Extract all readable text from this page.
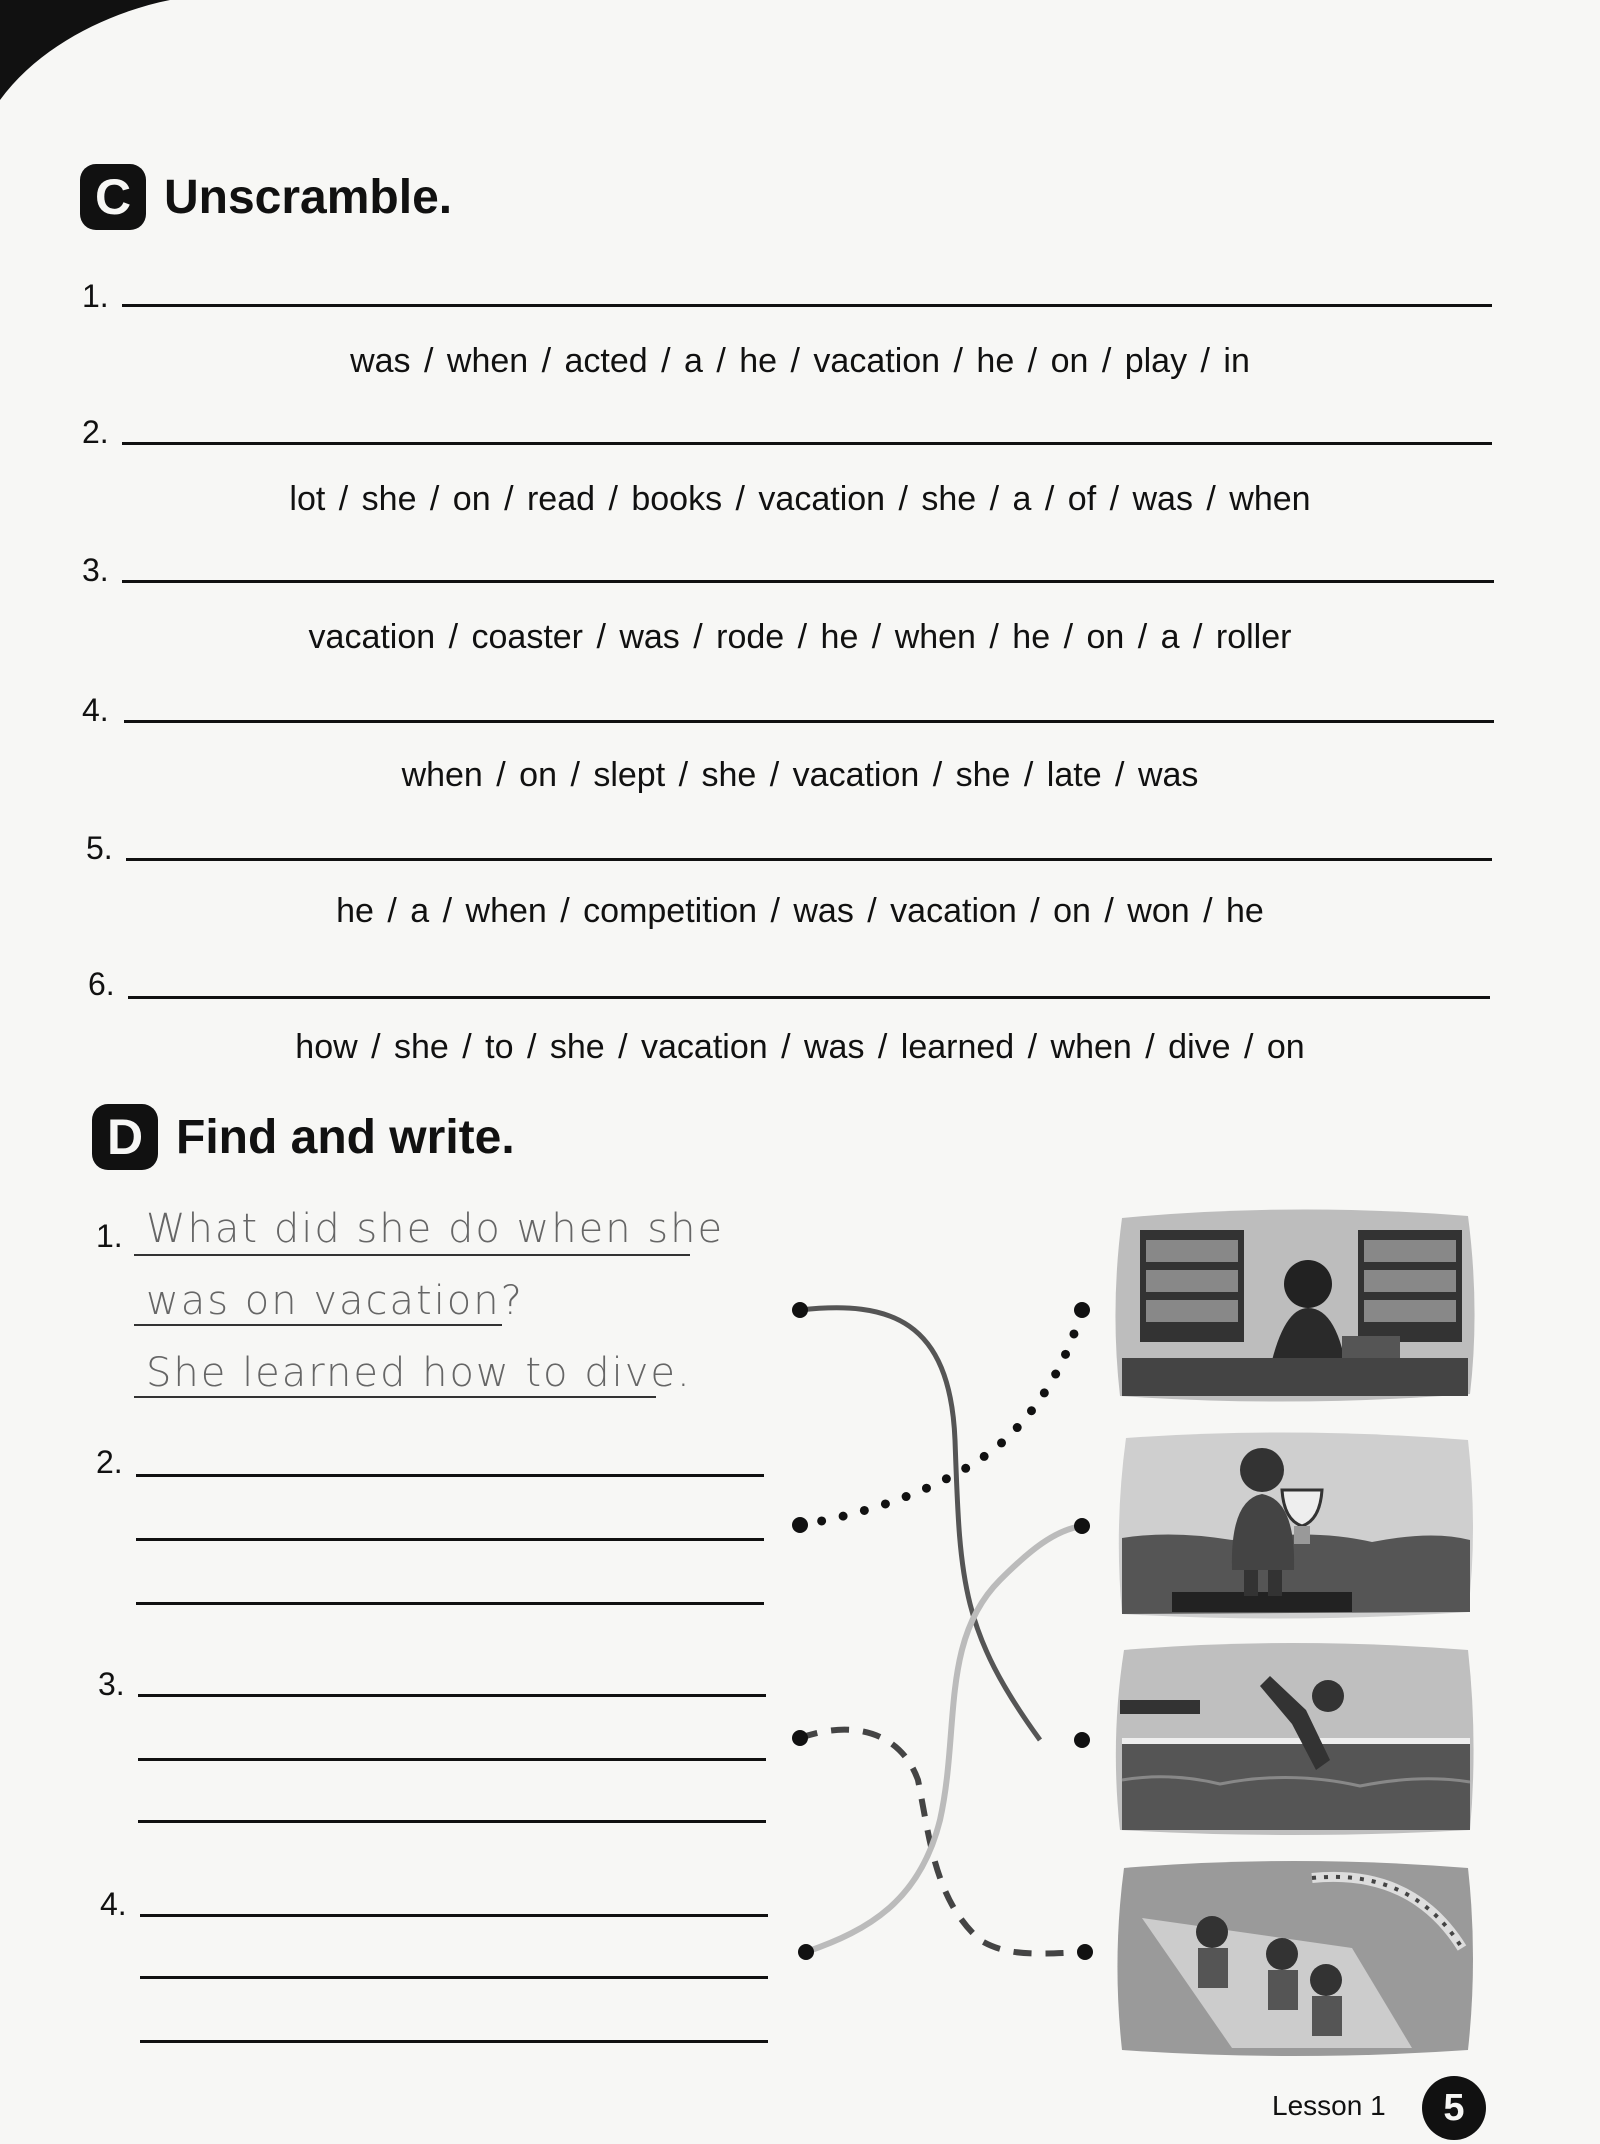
C Unscramble.
1.
was / when / acted / a / he / vacation / he / on / play / in
2.
lot / she / on / read / books / vacation / she / a / of / was / when
3.
vacation / coaster / was / rode / he / when / he / on / a / roller
4.
when / on / slept / she / vacation / she / late / was
5.
he / a / when / competition / was / vacation / on / won / he
6.
how / she / to / she / vacation / was / learned / when / dive / on
D Find and write.
1. What did she do when she
was on vacation?
She learned how to dive.
2.
3.
4.
Lesson 1	5
